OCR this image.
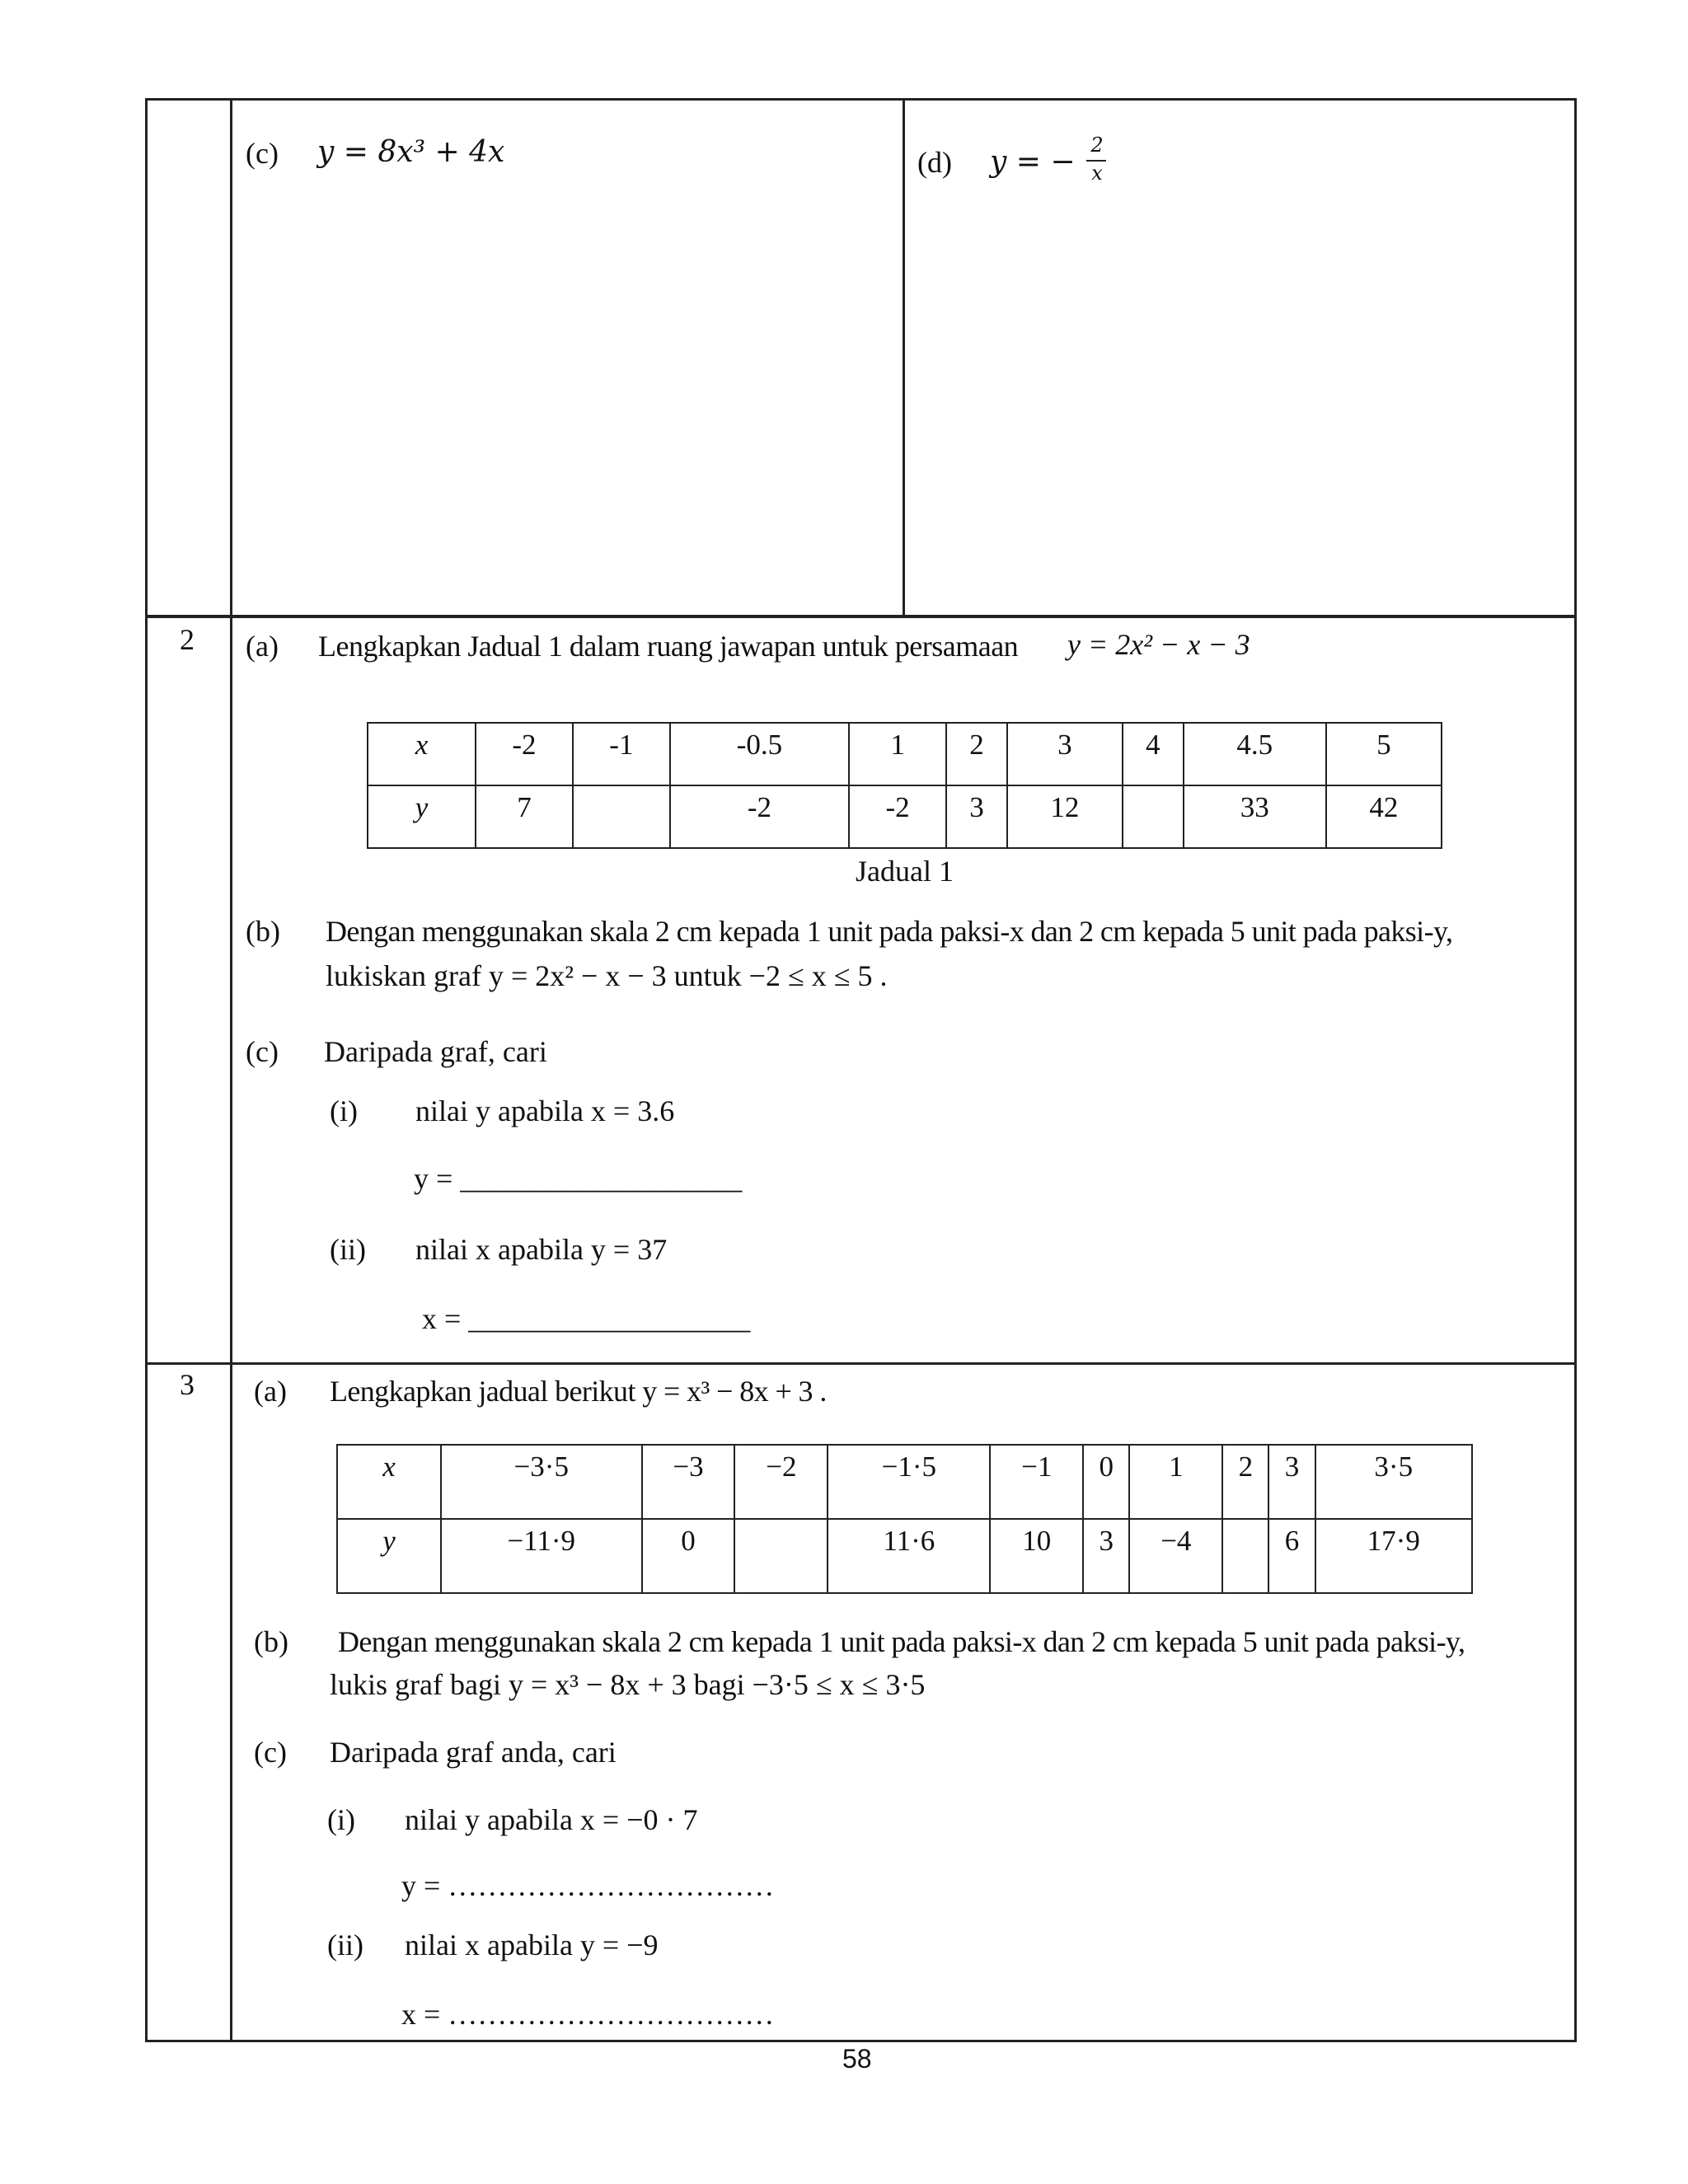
(c) y = 8x³ + 4x	(d) y = − 2
x
2 (a) Lengkapkan Jadual 1 dalam ruang jawapan untuk persamaan y = 2x² − x − 3
x	-2	-1	-0.5	1	2	3	4	4.5	5
y	7		-2	-2	3	12		33	42
Jadual 1
(b) Dengan menggunakan skala 2 cm kepada 1 unit pada paksi-x dan 2 cm kepada 5 unit pada paksi-y,
lukiskan graf y = 2x² − x − 3 untuk −2 ≤ x ≤ 5 .
(c) Daripada graf, cari
(i) nilai y apabila x = 3.6
y = ___________________
(ii) nilai x apabila y = 37
x = ___________________
3 (a) Lengkapkan jadual berikut y = x³ − 8x + 3 .
x	−3·5	−3	−2	−1·5	−1	0	1	2	3	3·5
y	−11·9	0		11·6	10	3	−4		6	17·9
(b) Dengan menggunakan skala 2 cm kepada 1 unit pada paksi-x dan 2 cm kepada 5 unit pada paksi-y,
lukis graf bagi y = x³ − 8x + 3 bagi −3·5 ≤ x ≤ 3·5
(c) Daripada graf anda, cari
(i) nilai y apabila x = −0 · 7
y = ……………………………
(ii) nilai x apabila y = −9
x = ……………………………
58
